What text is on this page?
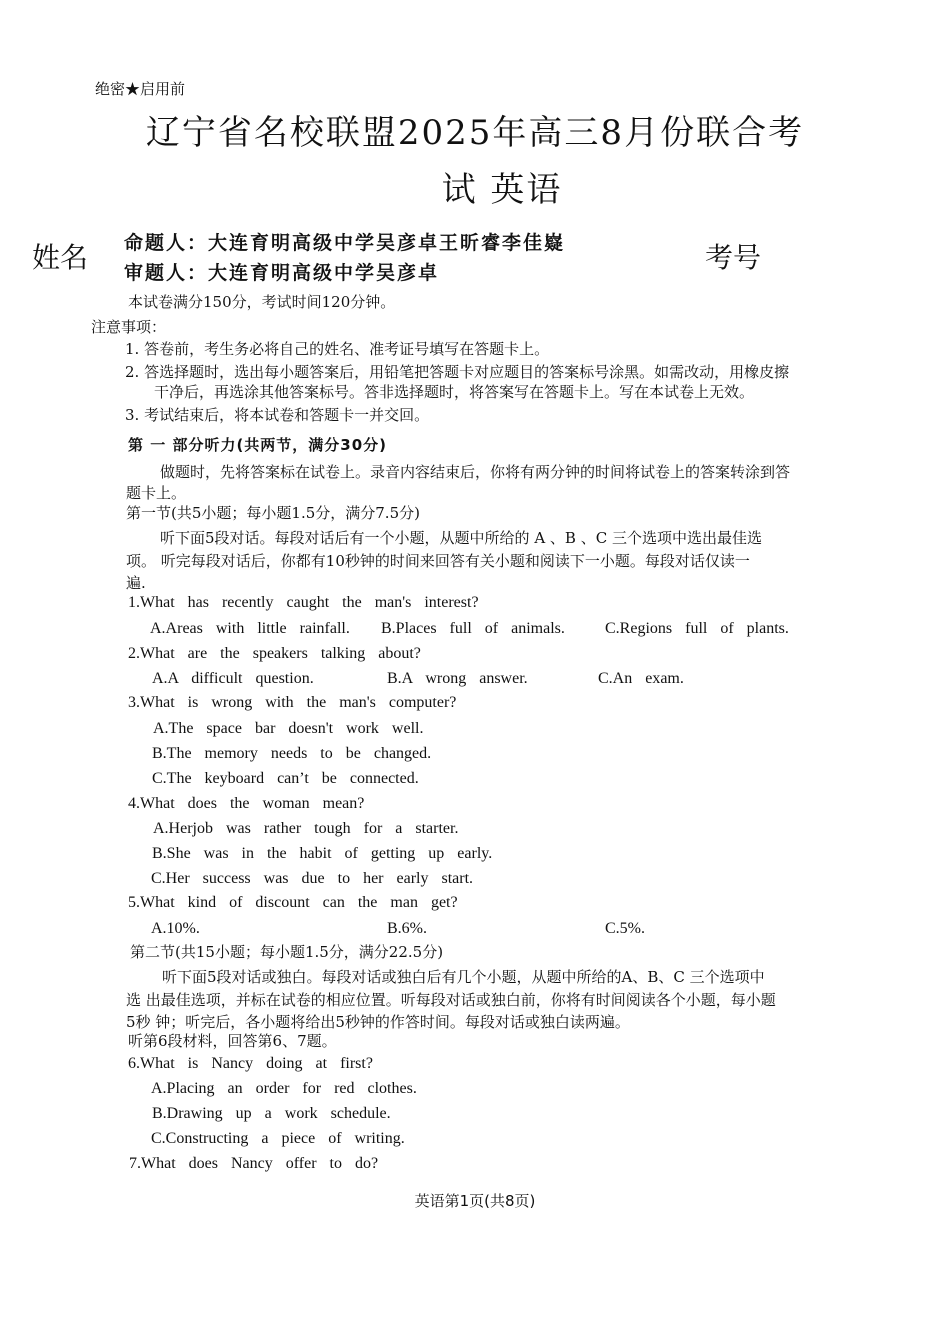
绝密★启用前
辽宁省名校联盟2025年高三8月份联合考
试 英语
姓名	考号
命题人：大连育明高级中学吴彦卓王昕睿李佳嶷
审题人：大连育明高级中学吴彦卓
本试卷满分150分，考试时间120分钟。
注意事项：
1. 答卷前，考生务必将自己的姓名、准考证号填写在答题卡上。
2. 答选择题时，选出每小题答案后，用铅笔把答题卡对应题目的答案标号涂黑。如需改动，用橡皮擦
干净后，再选涂其他答案标号。答非选择题时，将答案写在答题卡上。写在本试卷上无效。
3. 考试结束后，将本试卷和答题卡一并交回。
第 一 部分听力(共两节，满分30分)
做题时，先将答案标在试卷上。录音内容结束后，你将有两分钟的时间将试卷上的答案转涂到答
题卡上。
第一节(共5小题；每小题1.5分，满分7.5分)
听下面5段对话。每段对话后有一个小题，从题中所给的 A 、B 、C 三个选项中选出最佳选
项。 听完每段对话后，你都有10秒钟的时间来回答有关小题和阅读下一小题。每段对话仅读一
遍.
1.What has recently caught the man's interest?
A.Areas with little rainfall. B.Places full of animals.	C.Regions full of plants.
2.What are the speakers talking about?
A.A difficult question.	B.A wrong answer.	C.An exam.
3.What is wrong with the man's computer?
A.The space bar doesn't work well.
B.The memory needs to be changed.
C.The keyboard can’t be connected.
4.What does the woman mean?
A.Herjob was rather tough for a starter.
B.She was in the habit of getting up early.
C.Her success was due to her early start.
5.What kind of discount can the man get?
A.10%.	B.6%.	C.5%.
第二节(共15小题；每小题1.5分，满分22.5分)
听下面5段对话或独白。每段对话或独白后有几个小题，从题中所给的A、B、C 三个选项中
选 出最佳选项，并标在试卷的相应位置。听每段对话或独白前，你将有时间阅读各个小题，每小题
5秒 钟；听完后，各小题将给出5秒钟的作答时间。每段对话或独白读两遍。
听第6段材料，回答第6、7题。
6.What is Nancy doing at first?
A.Placing an order for red clothes.
B.Drawing up a work schedule.
C.Constructing a piece of writing.
7.What does Nancy offer to do?
英语第1页(共8页)
